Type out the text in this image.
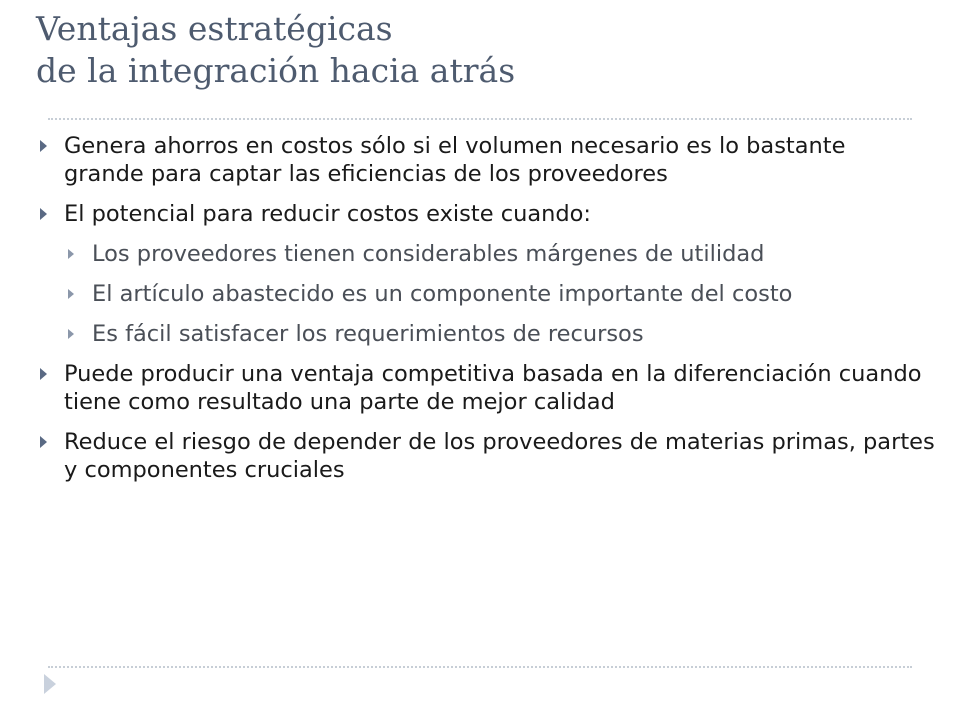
Ventajas estratégicas
de la integración hacia atrás
Genera ahorros en costos sólo si el volumen necesario es lo bastante grande para captar las eficiencias de los proveedores
El potencial para reducir costos existe cuando:
Los proveedores tienen considerables márgenes de utilidad
El artículo abastecido es un componente importante del costo
Es fácil satisfacer los requerimientos de recursos
Puede producir una ventaja competitiva basada en la diferenciación cuando tiene como resultado una parte de mejor calidad
Reduce el riesgo de depender de los proveedores de materias primas, partes y componentes cruciales
